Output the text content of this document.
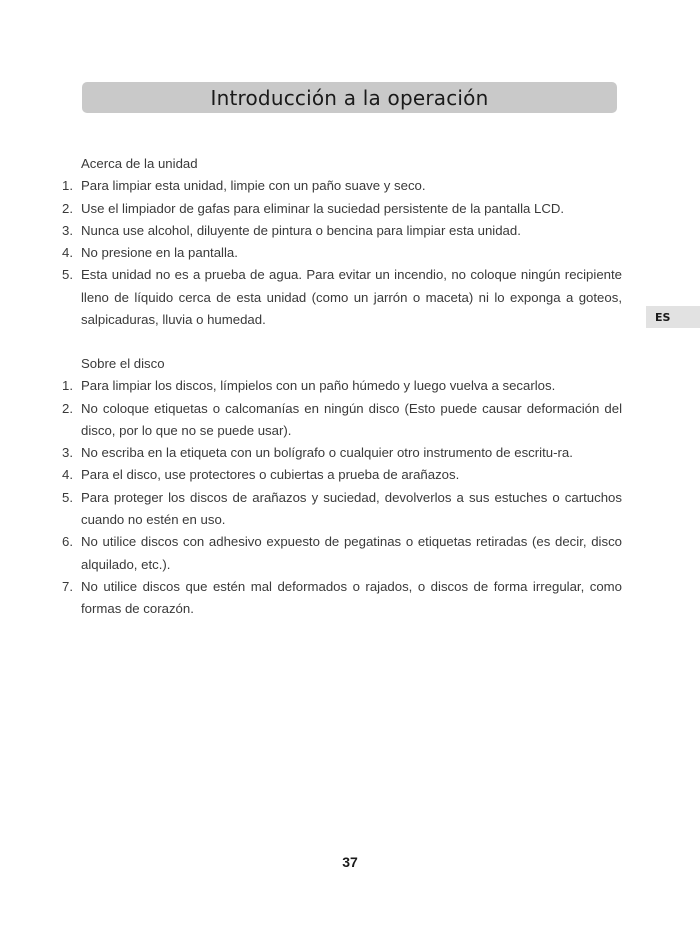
Introducción a la operación
Acerca de la unidad
1. Para limpiar esta unidad, limpie con un paño suave y seco.
2. Use el limpiador de gafas para eliminar la suciedad persistente de la pantalla LCD.
3. Nunca use alcohol, diluyente de pintura o bencina para limpiar esta unidad.
4. No presione en la pantalla.
5. Esta unidad no es a prueba de agua. Para evitar un incendio, no coloque ningún recipiente lleno de líquido cerca de esta unidad (como un jarrón o maceta) ni lo exponga a goteos, salpicaduras, lluvia o humedad.	ES
Sobre el disco
1. Para limpiar los discos, límpielos con un paño húmedo y luego vuelva a secarlos.
2. No coloque etiquetas o calcomanías en ningún disco (Esto puede causar deformación del disco, por lo que no se puede usar).
3. No escriba en la etiqueta con un bolígrafo o cualquier otro instrumento de escritu-ra.
4. Para el disco, use protectores o cubiertas a prueba de arañazos.
5. Para proteger los discos de arañazos y suciedad, devolverlos a sus estuches o cartuchos cuando no estén en uso.
6. No utilice discos con adhesivo expuesto de pegatinas o etiquetas retiradas (es decir, disco alquilado, etc.).
7. No utilice discos que estén mal deformados o rajados, o discos de forma irregular, como formas de corazón.
37
